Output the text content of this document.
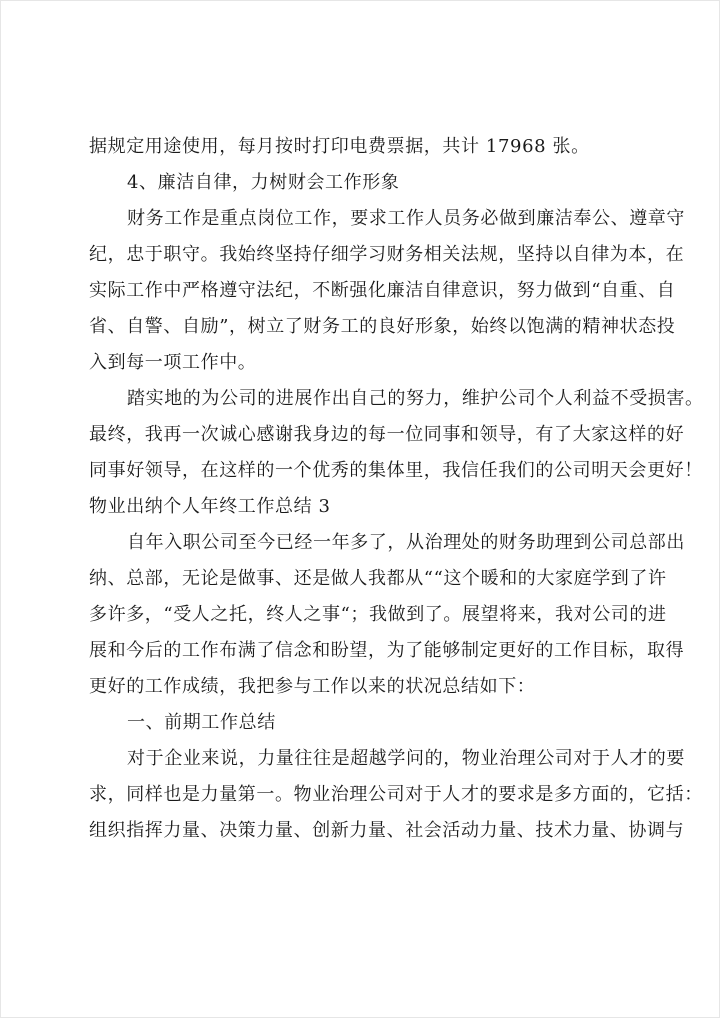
据规定用途使用，每月按时打印电费票据，共计 17968 张。
4、廉洁自律，力树财会工作形象
财务工作是重点岗位工作，要求工作人员务必做到廉洁奉公、遵章守
纪，忠于职守。我始终坚持仔细学习财务相关法规，坚持以自律为本，在
实际工作中严格遵守法纪，不断强化廉洁自律意识，努力做到“自重、自
省、自警、自励”，树立了财务工的良好形象，始终以饱满的精神状态投
入到每一项工作中。
踏实地的为公司的进展作出自己的努力，维护公司个人利益不受损害。
最终，我再一次诚心感谢我身边的每一位同事和领导，有了大家这样的好
同事好领导，在这样的一个优秀的集体里，我信任我们的公司明天会更好！
物业出纳个人年终工作总结 3
自年入职公司至今已经一年多了，从治理处的财务助理到公司总部出
纳、总部，无论是做事、还是做人我都从““这个暖和的大家庭学到了许
多许多，“受人之托，终人之事“；我做到了。展望将来，我对公司的进
展和今后的工作布满了信念和盼望，为了能够制定更好的工作目标，取得
更好的工作成绩，我把参与工作以来的状况总结如下：
一、前期工作总结
对于企业来说，力量往往是超越学问的，物业治理公司对于人才的要
求，同样也是力量第一。物业治理公司对于人才的要求是多方面的，它括：
组织指挥力量、决策力量、创新力量、社会活动力量、技术力量、协调与
